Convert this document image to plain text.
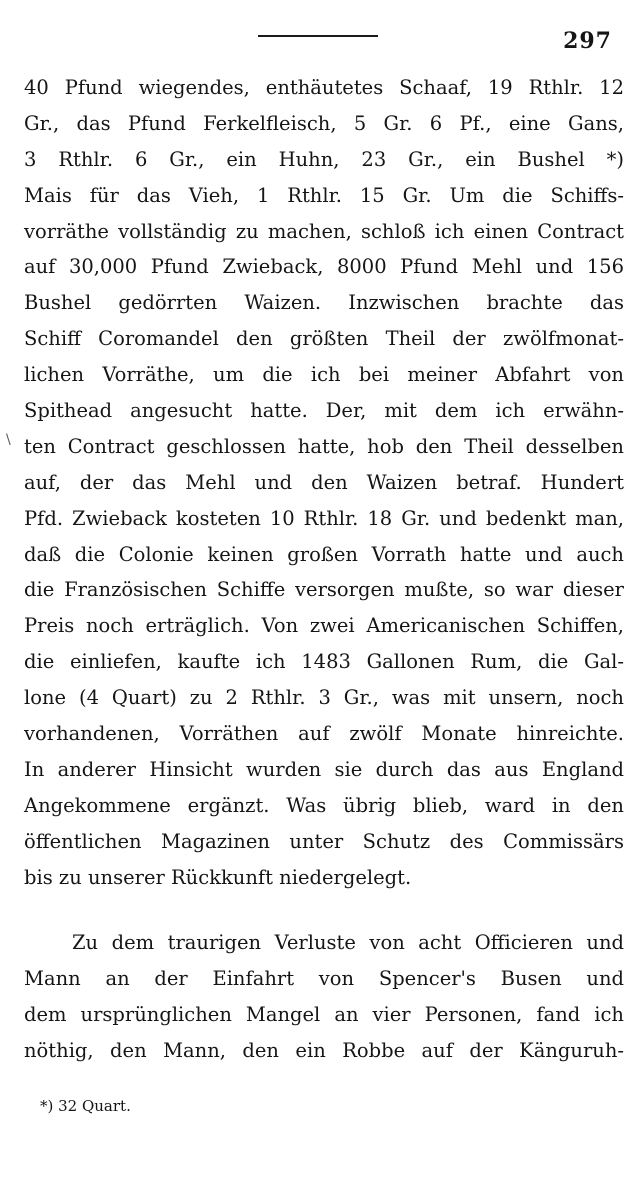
297
\
40 Pfund wiegendes, enthäutetes Schaaf, 19 Rthlr. 12
Gr., das Pfund Ferkelfleisch, 5 Gr. 6 Pf., eine Gans,
3 Rthlr. 6 Gr., ein Huhn, 23 Gr., ein Bushel *)
Mais für das Vieh, 1 Rthlr. 15 Gr. Um die Schiffs-
vorräthe vollständig zu machen, schloß ich einen Contract
auf 30,000 Pfund Zwieback, 8000 Pfund Mehl und 156
Bushel gedörrten Waizen. Inzwischen brachte das
Schiff Coromandel den größten Theil der zwölfmonat-
lichen Vorräthe, um die ich bei meiner Abfahrt von
Spithead angesucht hatte. Der, mit dem ich erwähn-
ten Contract geschlossen hatte, hob den Theil desselben
auf, der das Mehl und den Waizen betraf. Hundert
Pfd. Zwieback kosteten 10 Rthlr. 18 Gr. und bedenkt man,
daß die Colonie keinen großen Vorrath hatte und auch
die Französischen Schiffe versorgen mußte, so war dieser
Preis noch erträglich. Von zwei Americanischen Schiffen,
die einliefen, kaufte ich 1483 Gallonen Rum, die Gal-
lone (4 Quart) zu 2 Rthlr. 3 Gr., was mit unsern, noch
vorhandenen, Vorräthen auf zwölf Monate hinreichte.
In anderer Hinsicht wurden sie durch das aus England
Angekommene ergänzt. Was übrig blieb, ward in den
öffentlichen Magazinen unter Schutz des Commissärs
bis zu unserer Rückkunft niedergelegt.
Zu dem traurigen Verluste von acht Officieren und
Mann an der Einfahrt von Spencer's Busen und
dem ursprünglichen Mangel an vier Personen, fand ich
nöthig, den Mann, den ein Robbe auf der Känguruh-
*) 32 Quart.
